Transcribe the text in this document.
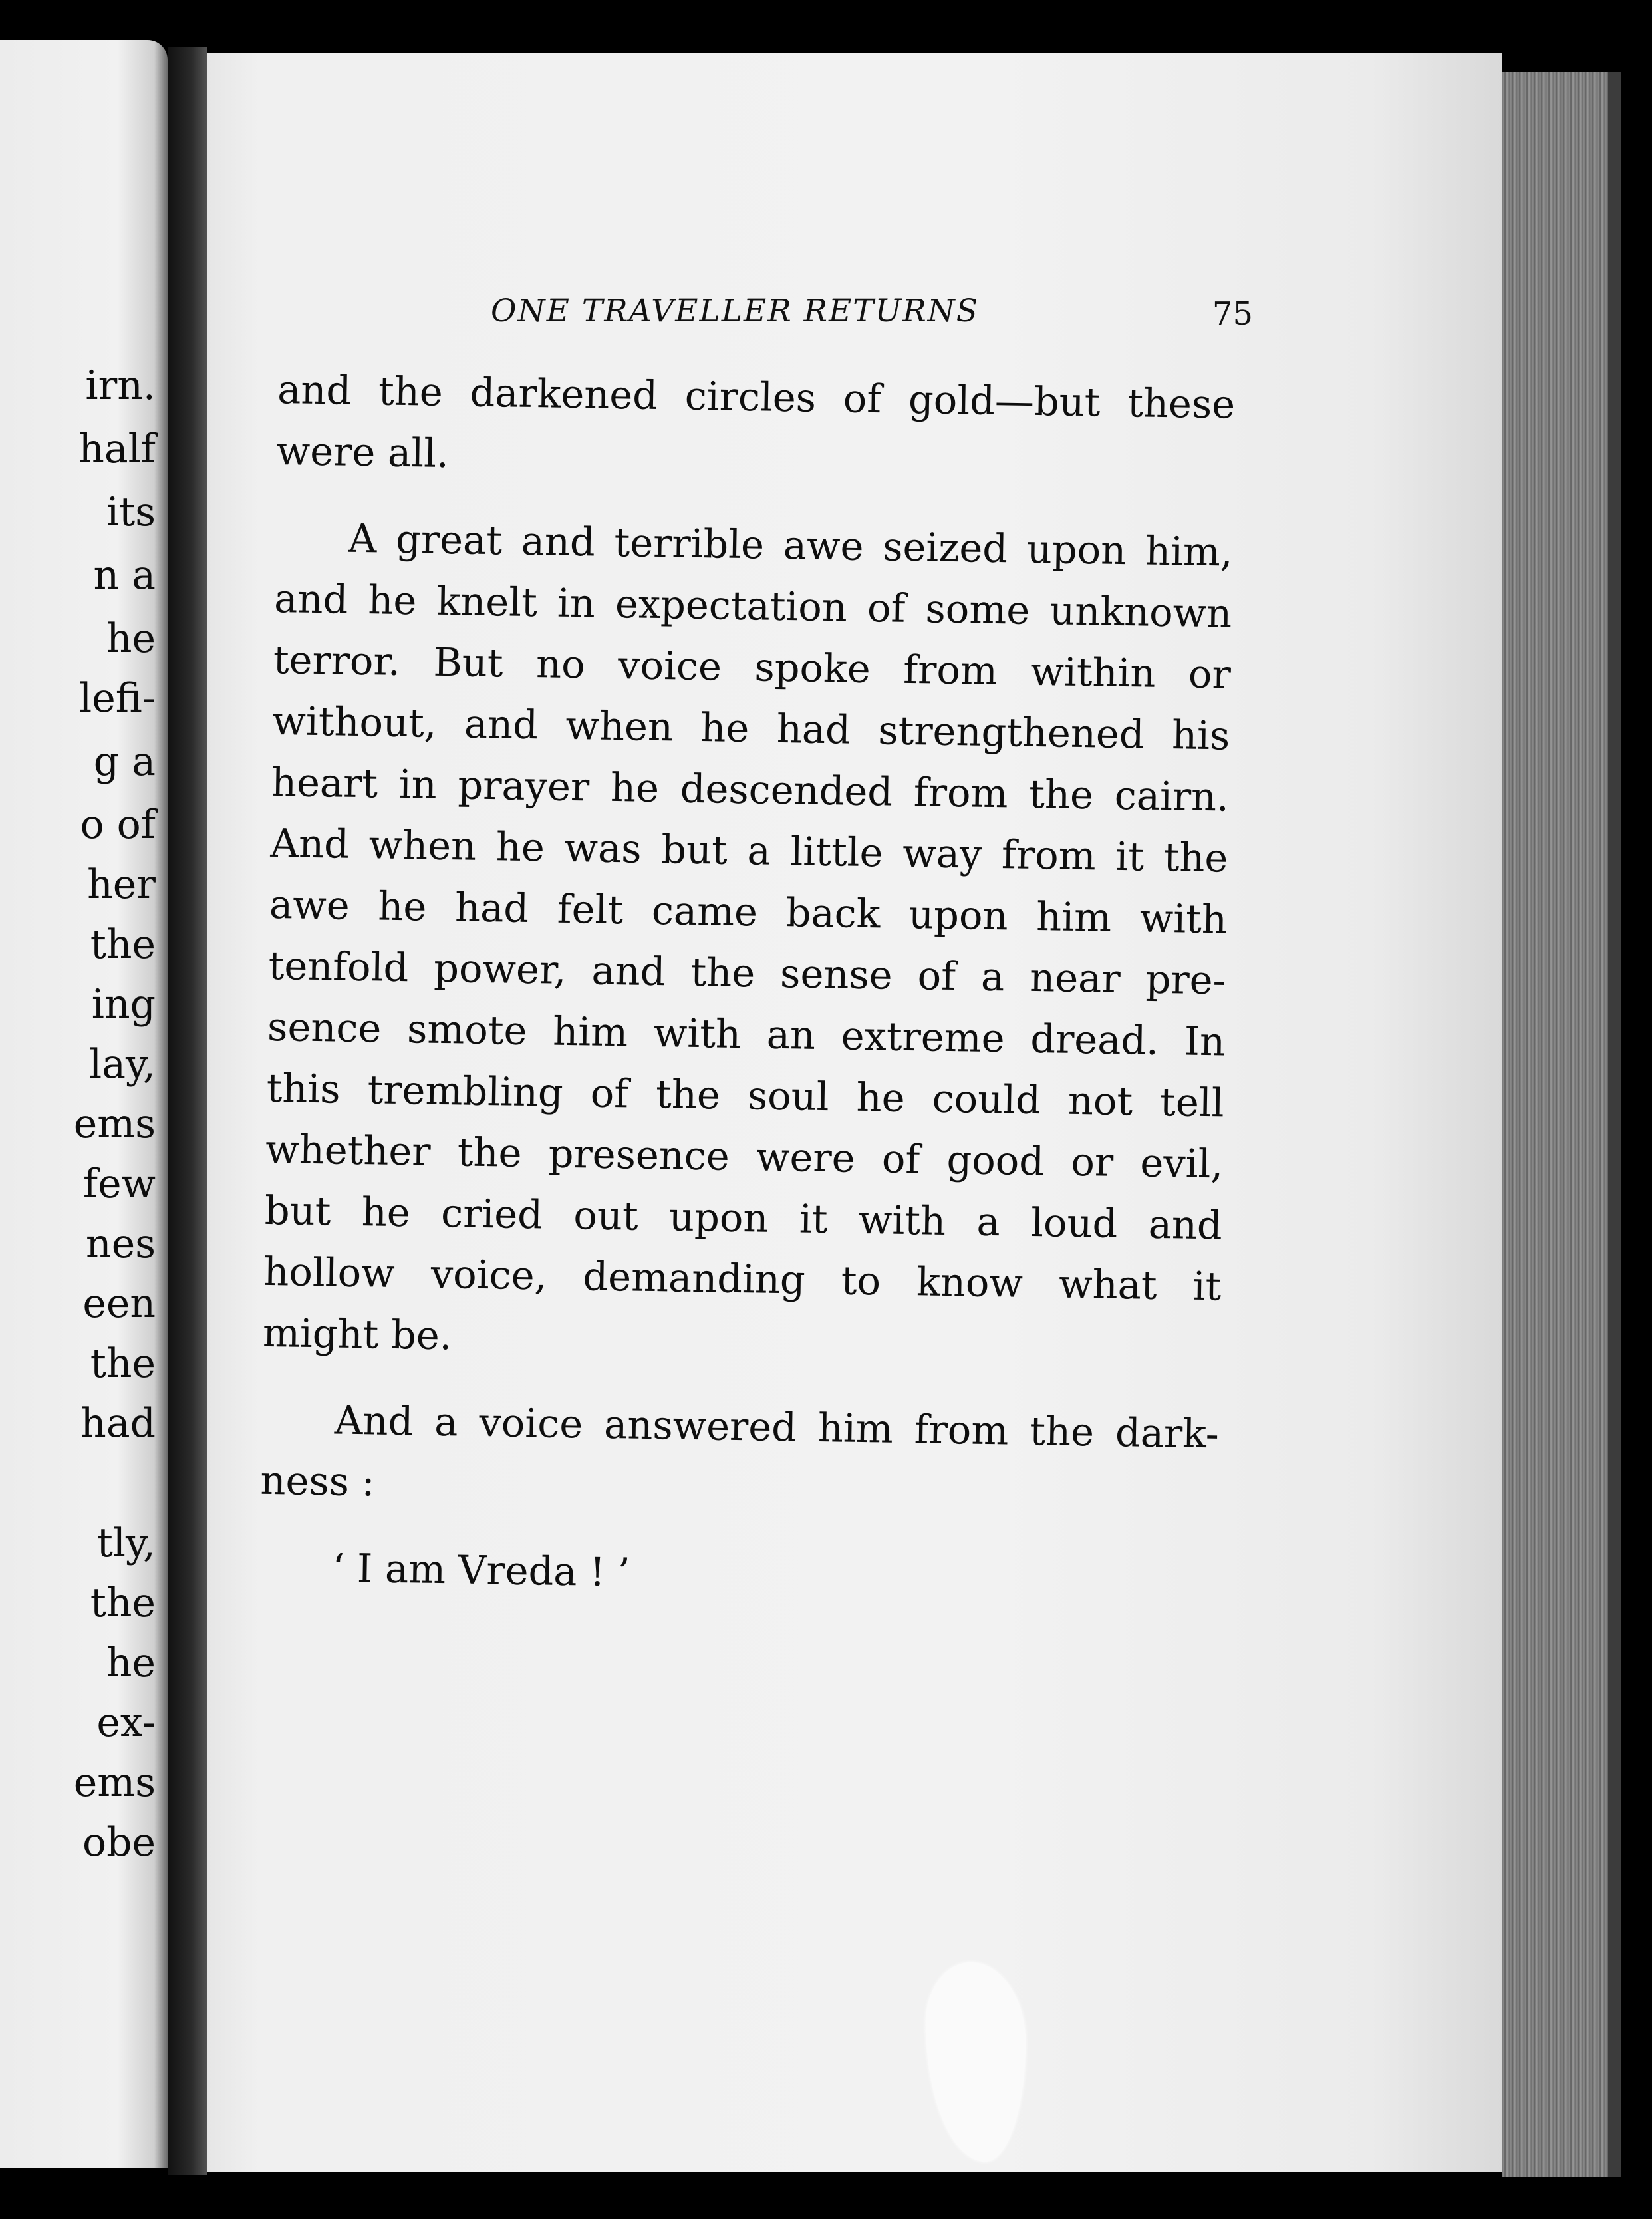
irn.
half
its
n a
he
lefi-
g a
o of
her
the
ing
lay,
ems
few
nes
een
the
had
tly,
the
he
ex-
ems
obe
ONE TRAVELLER RETURNS	75
and the darkened circles of gold—but these
were all.
A great and terrible awe seized upon him,
and he knelt in expectation of some unknown
terror. But no voice spoke from within or
without, and when he had strengthened his
heart in prayer he descended from the cairn.
And when he was but a little way from it the
awe he had felt came back upon him with
tenfold power, and the sense of a near pre-
sence smote him with an extreme dread. In
this trembling of the soul he could not tell
whether the presence were of good or evil,
but he cried out upon it with a loud and
hollow voice, demanding to know what it
might be.
And a voice answered him from the dark-
ness :
‘ I am Vreda ! ’
